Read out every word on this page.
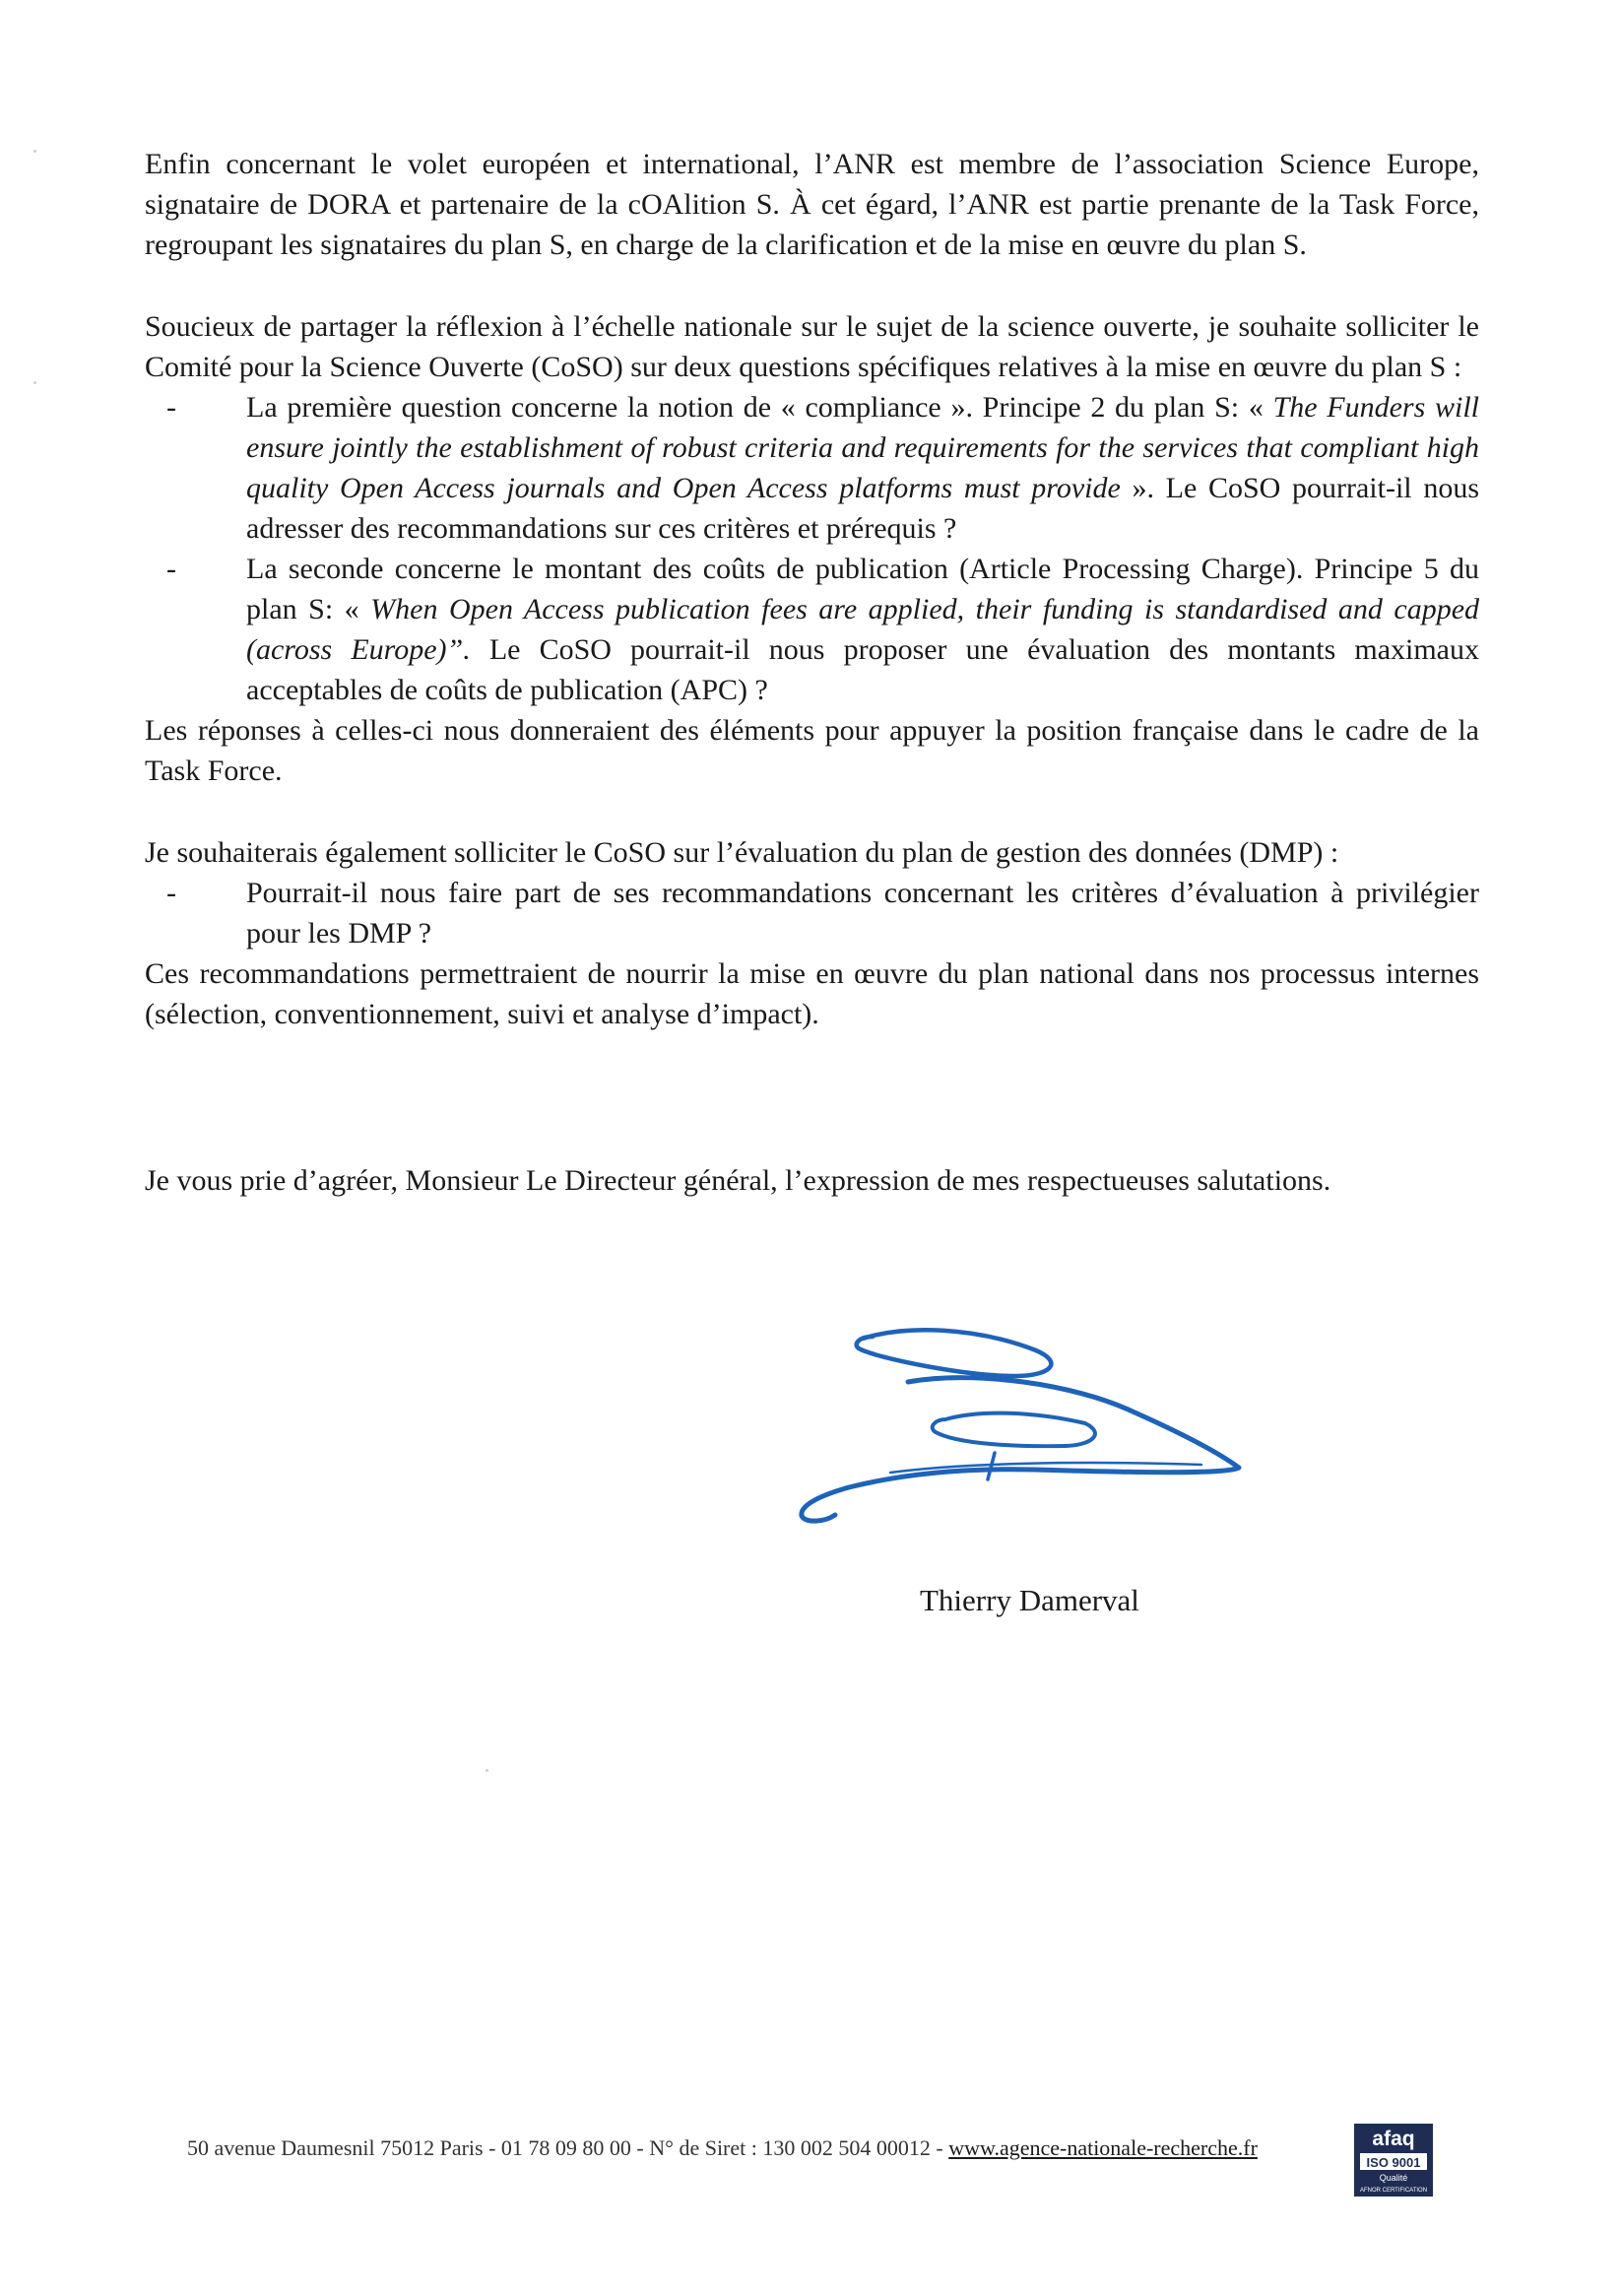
Enfin concernant le volet européen et international, l’ANR est membre de l’association Science Europe, signataire de DORA et partenaire de la cOAlition S. À cet égard, l’ANR est partie prenante de la Task Force, regroupant les signataires du plan S, en charge de la clarification et de la mise en œuvre du plan S.

Soucieux de partager la réflexion à l’échelle nationale sur le sujet de la science ouverte, je souhaite solliciter le Comité pour la Science Ouverte (CoSO) sur deux questions spécifiques relatives à la mise en œuvre du plan S :

- La première question concerne la notion de « compliance ». Principe 2 du plan S: « The Funders will ensure jointly the establishment of robust criteria and requirements for the services that compliant high quality Open Access journals and Open Access platforms must provide ». Le CoSO pourrait-il nous adresser des recommandations sur ces critères et prérequis ?
- La seconde concerne le montant des coûts de publication (Article Processing Charge). Principe 5 du plan S: « When Open Access publication fees are applied, their funding is standardised and capped (across Europe)”. Le CoSO pourrait-il nous proposer une évaluation des montants maximaux acceptables de coûts de publication (APC) ?

Les réponses à celles-ci nous donneraient des éléments pour appuyer la position française dans le cadre de la Task Force.

Je souhaiterais également solliciter le CoSO sur l’évaluation du plan de gestion des données (DMP) :

- Pourrait-il nous faire part de ses recommandations concernant les critères d’évaluation à privilégier pour les DMP ?

Ces recommandations permettraient de nourrir la mise en œuvre du plan national dans nos processus internes (sélection, conventionnement, suivi et analyse d’impact).

Je vous prie d’agréer, Monsieur Le Directeur général, l’expression de mes respectueuses salutations.

Thierry Damerval
50 avenue Daumesnil 75012 Paris - 01 78 09 80 00 - N° de Siret : 130 002 504 00012 - www.agence-nationale-recherche.fr	afaq
ISO 9001
Qualité
AFNOR CERTIFICATION
